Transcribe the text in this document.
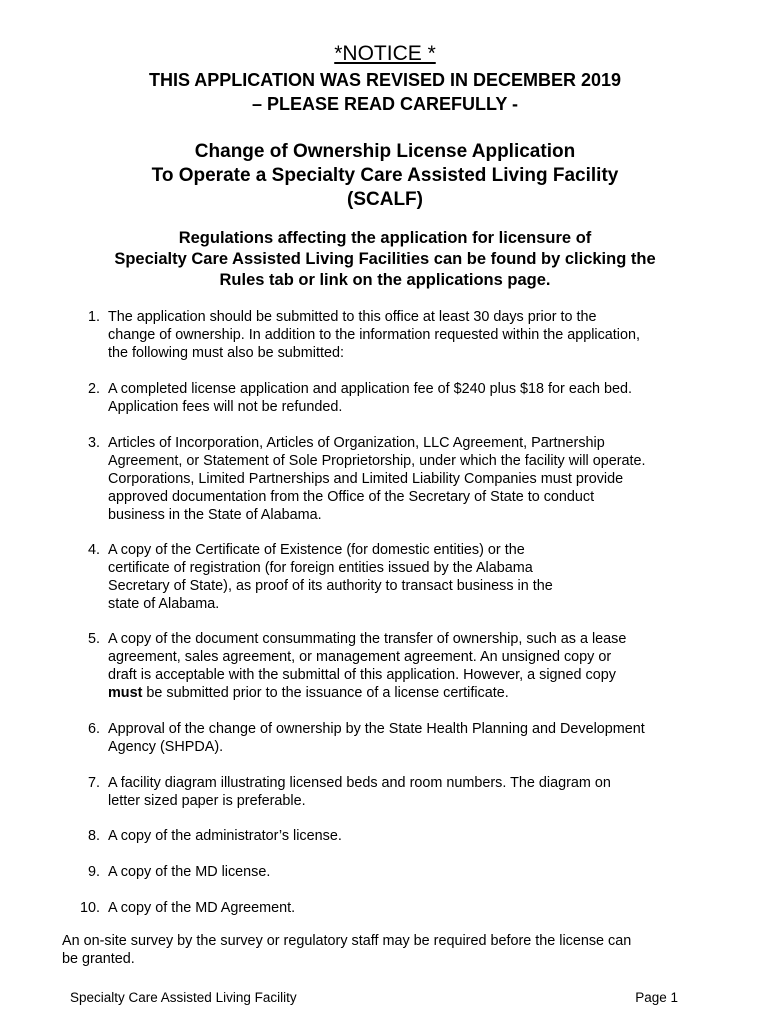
*NOTICE *
THIS APPLICATION WAS REVISED IN DECEMBER 2019
– PLEASE READ CAREFULLY -
Change of Ownership License Application
To Operate a Specialty Care Assisted Living Facility
(SCALF)
Regulations affecting the application for licensure of
Specialty Care Assisted Living Facilities can be found by clicking the
Rules tab or link on the applications page.
1. The application should be submitted to this office at least 30 days prior to the
change of ownership. In addition to the information requested within the application,
the following must also be submitted:
2. A completed license application and application fee of $240 plus $18 for each bed.
Application fees will not be refunded.
3. Articles of Incorporation, Articles of Organization, LLC Agreement, Partnership
Agreement, or Statement of Sole Proprietorship, under which the facility will operate.
Corporations, Limited Partnerships and Limited Liability Companies must provide
approved documentation from the Office of the Secretary of State to conduct
business in the State of Alabama.
4. A copy of the Certificate of Existence (for domestic entities) or the
certificate of registration (for foreign entities issued by the Alabama
Secretary of State), as proof of its authority to transact business in the
state of Alabama.
5. A copy of the document consummating the transfer of ownership, such as a lease
agreement, sales agreement, or management agreement. An unsigned copy or
draft is acceptable with the submittal of this application. However, a signed copy
must be submitted prior to the issuance of a license certificate.
6. Approval of the change of ownership by the State Health Planning and Development
Agency (SHPDA).
7. A facility diagram illustrating licensed beds and room numbers. The diagram on
letter sized paper is preferable.
8. A copy of the administrator’s license.
9. A copy of the MD license.
10. A copy of the MD Agreement.
An on-site survey by the survey or regulatory staff may be required before the license can
be granted.
Specialty Care Assisted Living Facility	Page 1
